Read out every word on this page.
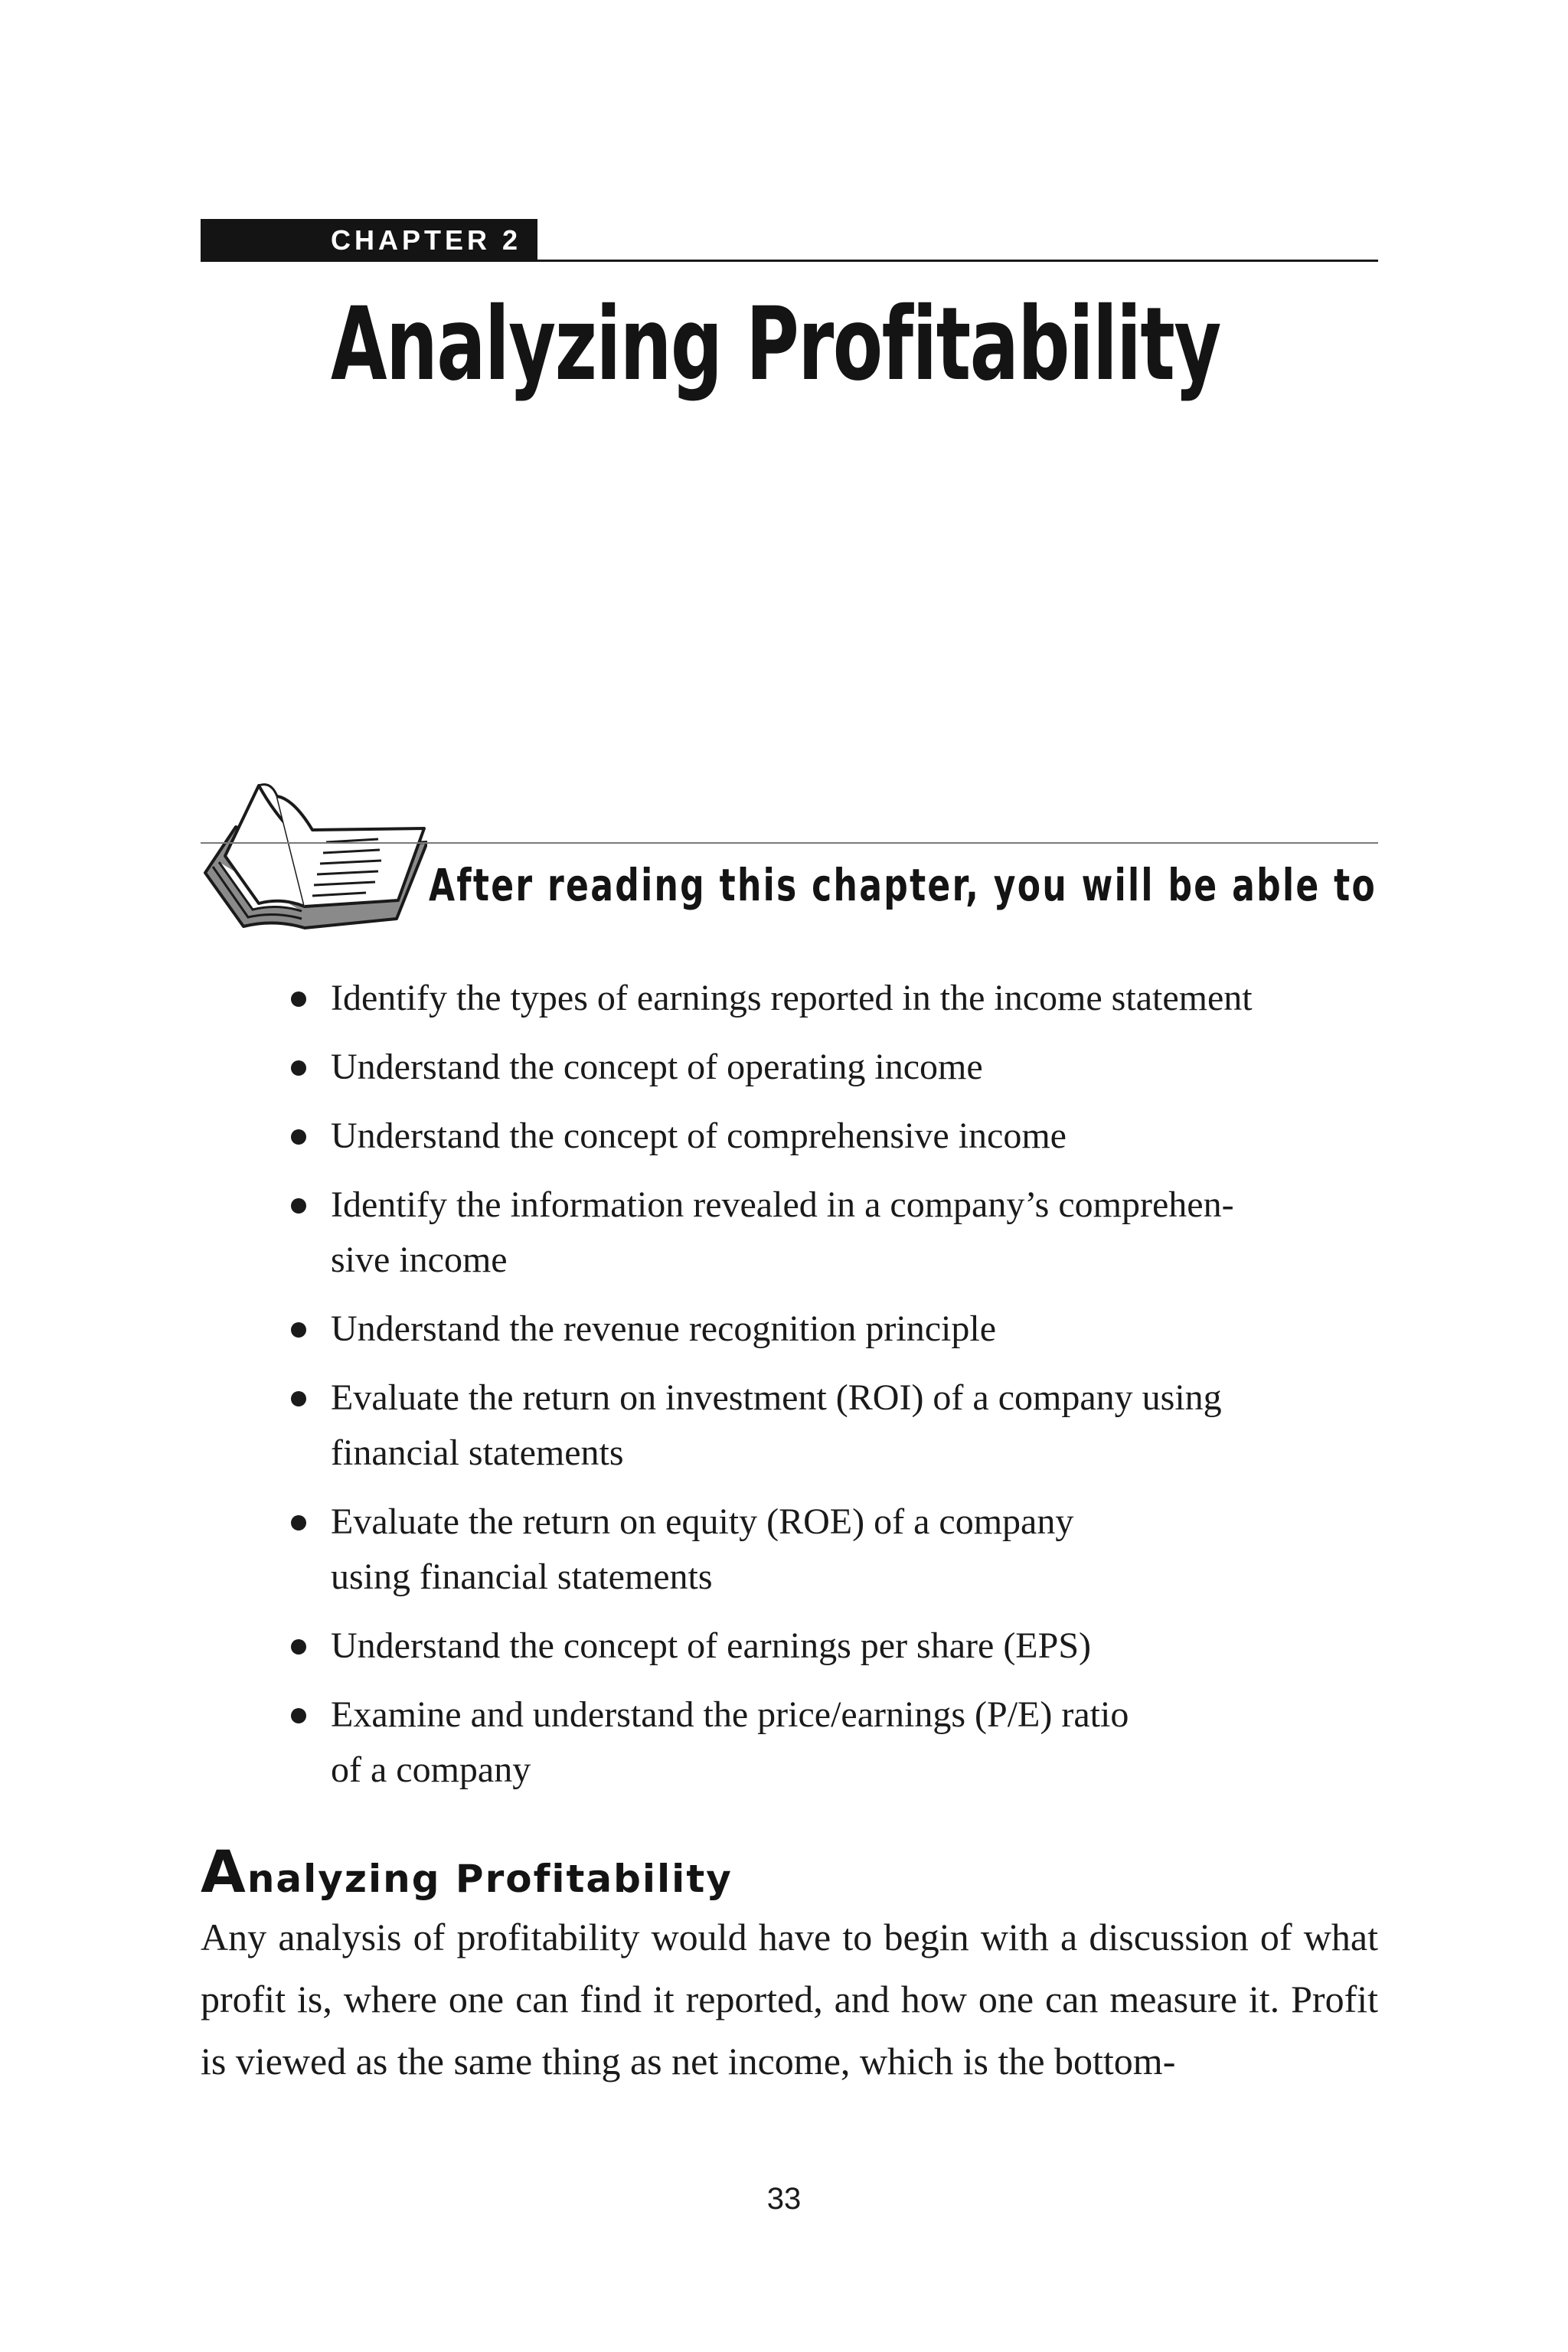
CHAPTER 2
Analyzing Profitability
After reading this chapter, you will be able to
Identify the types of earnings reported in the income statement
Understand the concept of operating income
Understand the concept of comprehensive income
Identify the information revealed in a company’s comprehen- sive income
Understand the revenue recognition principle
Evaluate the return on investment (ROI) of a company using financial statements
Evaluate the return on equity (ROE) of a company using financial statements
Understand the concept of earnings per share (EPS)
Examine and understand the price/earnings (P/E) ratio of a company
Analyzing Profitability

Any analysis of profitability would have to begin with a discussion of what profit is, where one can find it reported, and how one can measure it. Profit is viewed as the same thing as net income, which is the bottom-

33
